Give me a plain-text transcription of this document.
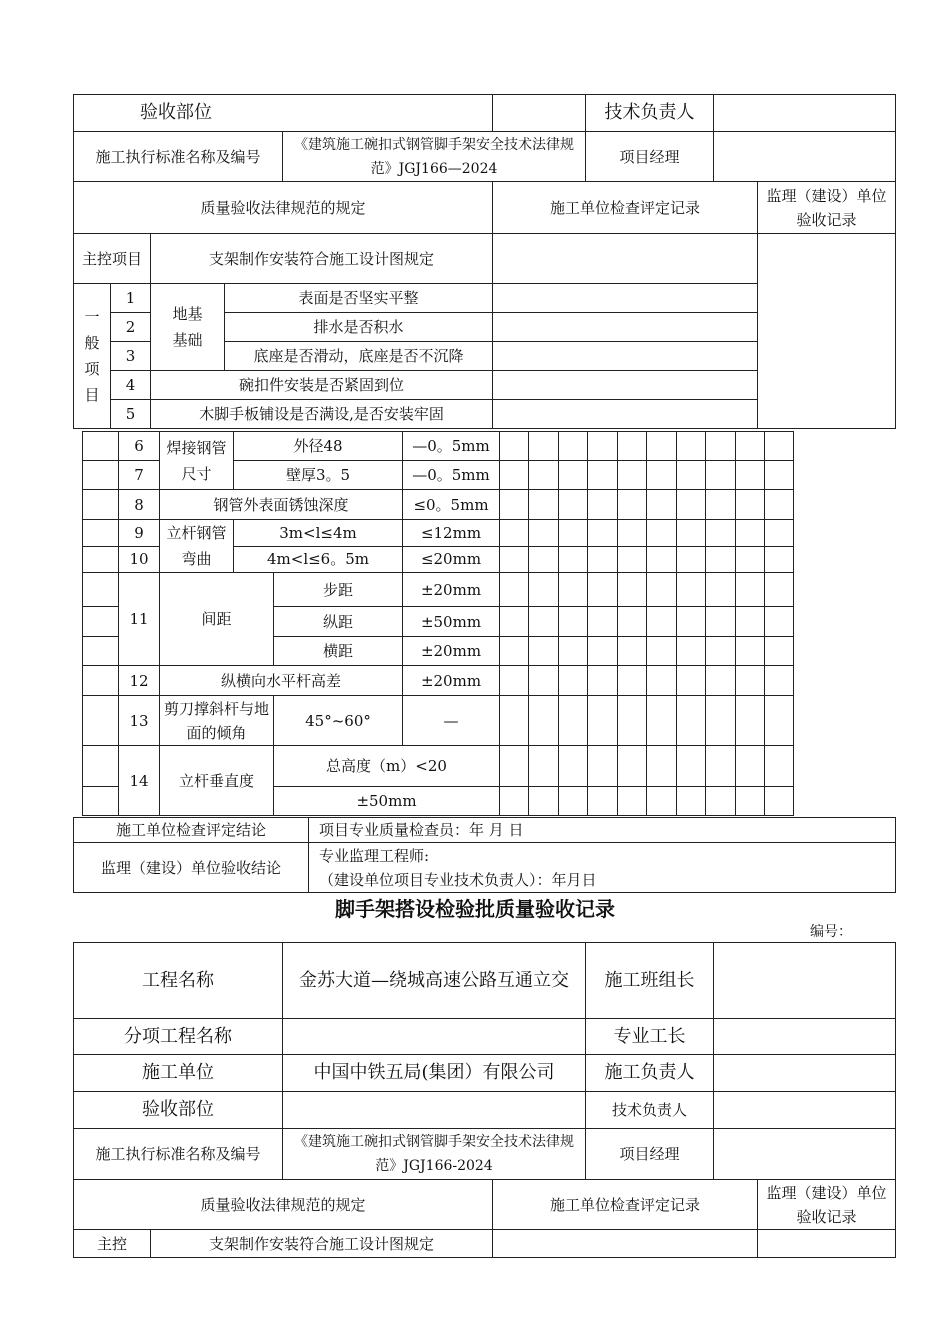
验收部位						技术负责人		
施工执行标准名称及编号				《建筑施工碗扣式钢管脚手架安全技术法律规范》JGJ166—2024		项目经理		
质量验收法律规范的规定					施工单位检查评定记录			监理（建设）单位验收记录
主控项目		支架制作安装符合施工设计图规定						
一般项目	1	地基基础	表面是否坚实平整					
	2		排水是否积水					
	3		底座是否滑动，底座是否不沉降					
	4	碗扣件安装是否紧固到位						
	5	木脚手板铺设是否满设,是否安装牢固						
	6	焊接钢管尺寸	外径48		—0。5mm										
	7		壁厚3。5		—0。5mm										
	8	钢管外表面锈蚀深度			≤0。5mm										
	9	立杆钢管弯曲	3m<l≤4m		≤12mm										
	10		4m<l≤6。5m		≤20mm										
	11	间距		步距	±20mm										
				纵距	±50mm										
				横距	±20mm										
	12	纵横向水平杆高差			±20mm										
	13	剪刀撑斜杆与地面的倾角		45°~60°	—										
	14	立杆垂直度		总高度（m）<20											
				±50mm											
施工单位检查评定结论	项目专业质量检查员：年 月 日
监理（建设）单位验收结论	专业监理工程师:
（建设单位项目专业技术负责人）：年月日
脚手架搭设检验批质量验收记录
编号：
工程名称		金苏大道—绕城高速公路互通立交		施工班组长		
分项工程名称				专业工长		
施工单位		中国中铁五局(集团）有限公司		施工负责人		
验收部位				技术负责人		
施工执行标准名称及编号		《建筑施工碗扣式钢管脚手架安全技术法律规范》JGJ166-2024		项目经理		
质量验收法律规范的规定			施工单位检查评定记录			监理（建设）单位验收记录
主控	支架制作安装符合施工设计图规定					
